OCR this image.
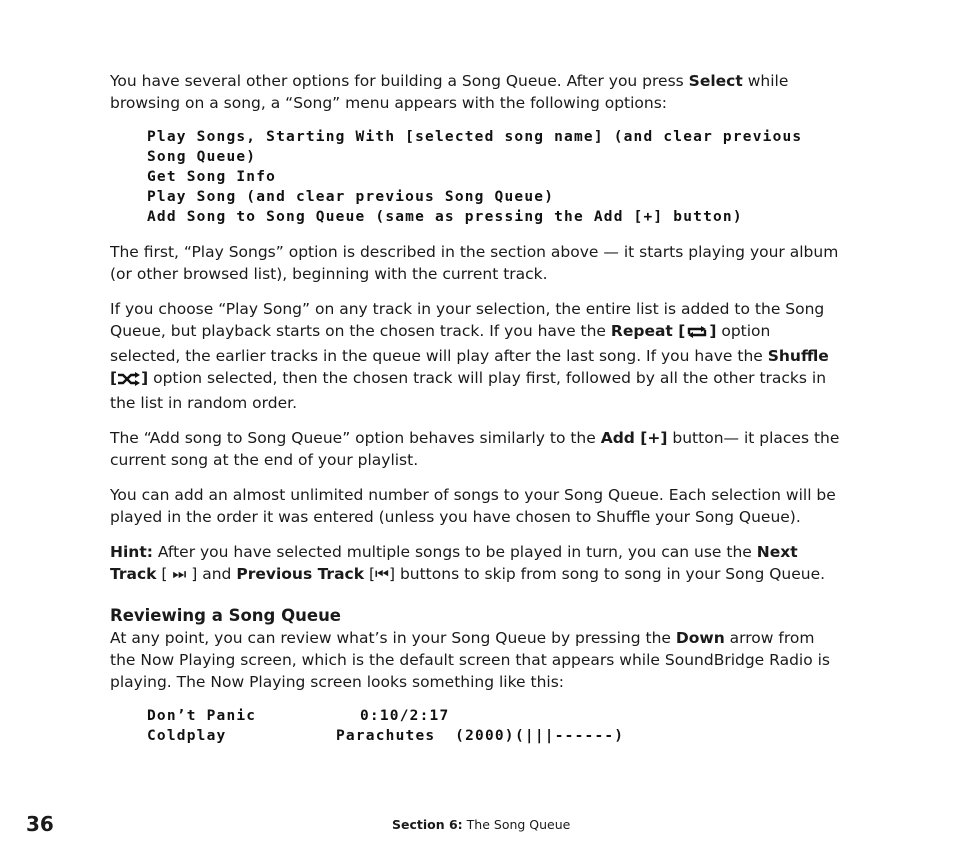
You have several other options for building a Song Queue. After you press Select while browsing on a song, a “Song” menu appears with the following options:

Play Songs, Starting With [selected song name] (and clear previous Song Queue)
Get Song Info
Play Song (and clear previous Song Queue)
Add Song to Song Queue (same as pressing the Add [+] button)

The first, “Play Songs” option is described in the section above — it starts playing your album (or other browsed list), beginning with the current track.

If you choose “Play Song” on any track in your selection, the entire list is added to the Song Queue, but playback starts on the chosen track. If you have the Repeat [ ] option selected, the earlier tracks in the queue will play after the last song. If you have the Shuffle [ ] option selected, then the chosen track will play first, followed by all the other tracks in the list in random order.

The “Add song to Song Queue” option behaves similarly to the Add [+] button— it places the current song at the end of your playlist.

You can add an almost unlimited number of songs to your Song Queue. Each selection will be played in the order it was entered (unless you have chosen to Shuffle your Song Queue).

Hint: After you have selected multiple songs to be played in turn, you can use the Next Track [ ⏭ ] and Previous Track [⏮] buttons to skip from song to song in your Song Queue.

Reviewing a Song Queue

At any point, you can review what’s in your Song Queue by pressing the Down arrow from the Now Playing screen, which is the default screen that appears while SoundBridge Radio is playing. The Now Playing screen looks something like this:

Don’t Panic	0:10/2:17
Coldplay	Parachutes  (2000) (|||------)
36	Section 6: The Song Queue
